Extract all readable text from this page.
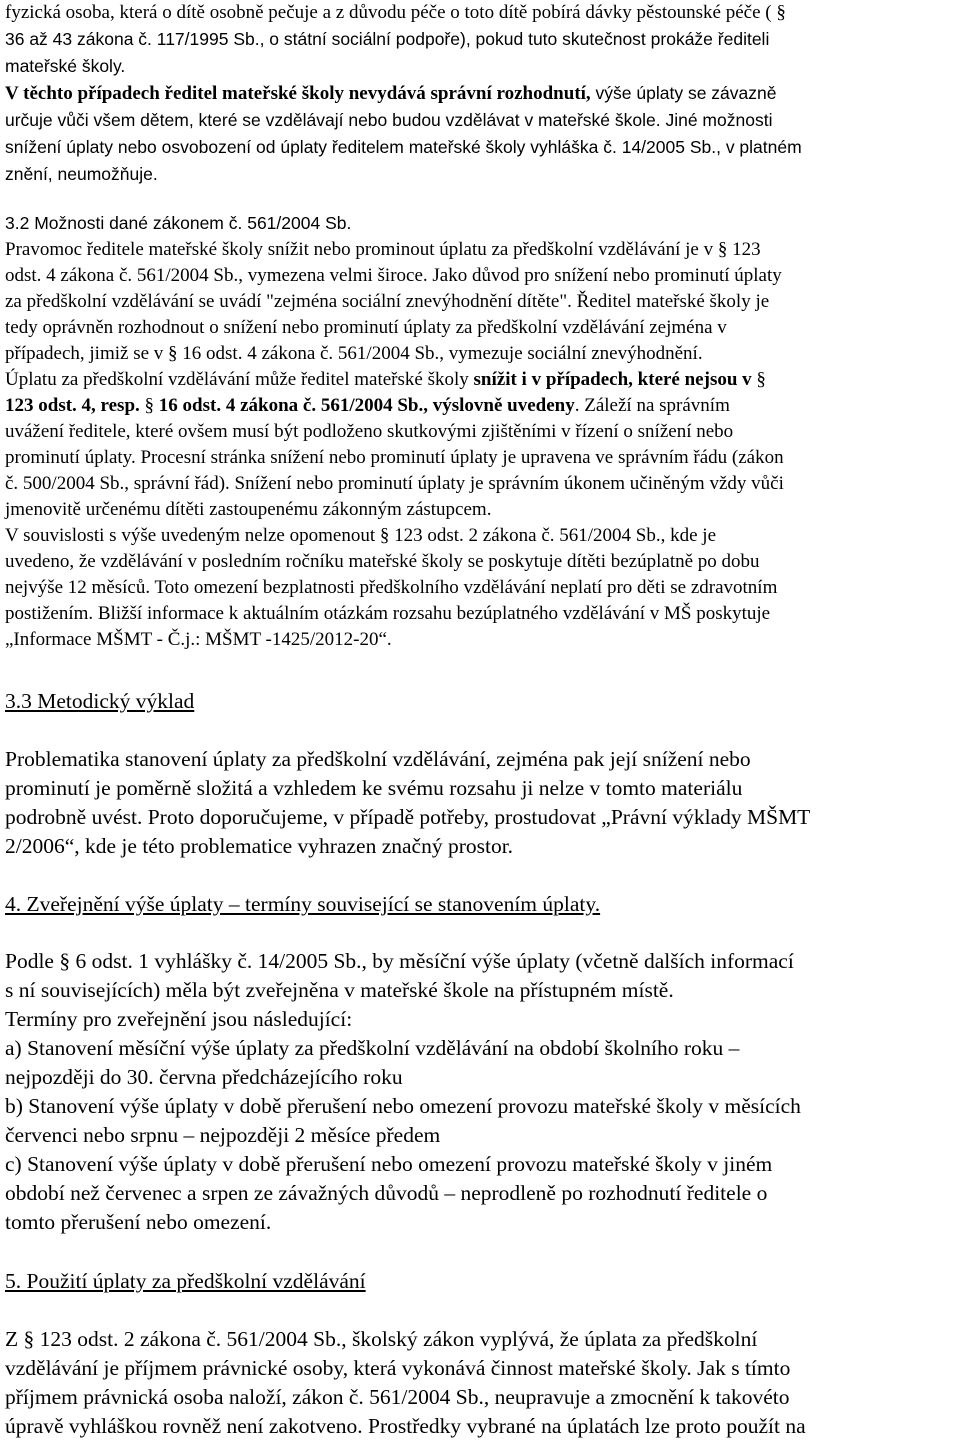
fyzická osoba, která o dítě osobně pečuje a z důvodu péče o toto dítě pobírá dávky pěstounské péče ( §
36 až 43 zákona č. 117/1995 Sb., o státní sociální podpoře), pokud tuto skutečnost prokáže řediteli
mateřské školy.
V těchto případech ředitel mateřské školy nevydává správní rozhodnutí, výše úplaty se závazně
určuje vůči všem dětem, které se vzdělávají nebo budou vzdělávat v mateřské škole. Jiné možnosti
snížení úplaty nebo osvobození od úplaty ředitelem mateřské školy vyhláška č. 14/2005 Sb., v platném
znění, neumožňuje.
3.2 Možnosti dané zákonem č. 561/2004 Sb.
Pravomoc ředitele mateřské školy snížit nebo prominout úplatu za předškolní vzdělávání je v § 123
odst. 4 zákona č. 561/2004 Sb., vymezena velmi široce. Jako důvod pro snížení nebo prominutí úplaty
za předškolní vzdělávání se uvádí "zejména sociální znevýhodnění dítěte". Ředitel mateřské školy je
tedy oprávněn rozhodnout o snížení nebo prominutí úplaty za předškolní vzdělávání zejména v
případech, jimiž se v § 16 odst. 4 zákona č. 561/2004 Sb., vymezuje sociální znevýhodnění.
Úplatu za předškolní vzdělávání může ředitel mateřské školy snížit i v případech, které nejsou v §
123 odst. 4, resp. § 16 odst. 4 zákona č. 561/2004 Sb., výslovně uvedeny. Záleží na správním
uvážení ředitele, které ovšem musí být podloženo skutkovými zjištěními v řízení o snížení nebo
prominutí úplaty. Procesní stránka snížení nebo prominutí úplaty je upravena ve správním řádu (zákon
č. 500/2004 Sb., správní řád). Snížení nebo prominutí úplaty je správním úkonem učiněným vždy vůči
jmenovitě určenému dítěti zastoupenému zákonným zástupcem.
V souvislosti s výše uvedeným nelze opomenout § 123 odst. 2 zákona č. 561/2004 Sb., kde je
uvedeno, že vzdělávání v posledním ročníku mateřské školy se poskytuje dítěti bezúplatně po dobu
nejvýše 12 měsíců. Toto omezení bezplatnosti předškolního vzdělávání neplatí pro děti se zdravotním
postižením. Bližší informace k aktuálním otázkám rozsahu bezúplatného vzdělávání v MŠ poskytuje
„Informace MŠMT - Č.j.: MŠMT -1425/2012-20“.
3.3 Metodický výklad
Problematika stanovení úplaty za předškolní vzdělávání, zejména pak její snížení nebo
prominutí je poměrně složitá a vzhledem ke svému rozsahu ji nelze v tomto materiálu
podrobně uvést. Proto doporučujeme, v případě potřeby, prostudovat „Právní výklady MŠMT
2/2006“, kde je této problematice vyhrazen značný prostor.
4. Zveřejnění výše úplaty – termíny související se stanovením úplaty.
Podle § 6 odst. 1 vyhlášky č. 14/2005 Sb., by měsíční výše úplaty (včetně dalších informací
s ní souvisejících) měla být zveřejněna v mateřské škole na přístupném místě.
Termíny pro zveřejnění jsou následující:
a) Stanovení měsíční výše úplaty za předškolní vzdělávání na období školního roku –
nejpozději do 30. června předcházejícího roku
b) Stanovení výše úplaty v době přerušení nebo omezení provozu mateřské školy v měsících
červenci nebo srpnu – nejpozději 2 měsíce předem
c) Stanovení výše úplaty v době přerušení nebo omezení provozu mateřské školy v jiném
období než červenec a srpen ze závažných důvodů – neprodleně po rozhodnutí ředitele o
tomto přerušení nebo omezení.
5. Použití úplaty za předškolní vzdělávání
Z § 123 odst. 2 zákona č. 561/2004 Sb., školský zákon vyplývá, že úplata za předškolní
vzdělávání je příjmem právnické osoby, která vykonává činnost mateřské školy. Jak s tímto
příjmem právnická osoba naloží, zákon č. 561/2004 Sb., neupravuje a zmocnění k takovéto
úpravě vyhláškou rovněž není zakotveno. Prostředky vybrané na úplatách lze proto použít na
